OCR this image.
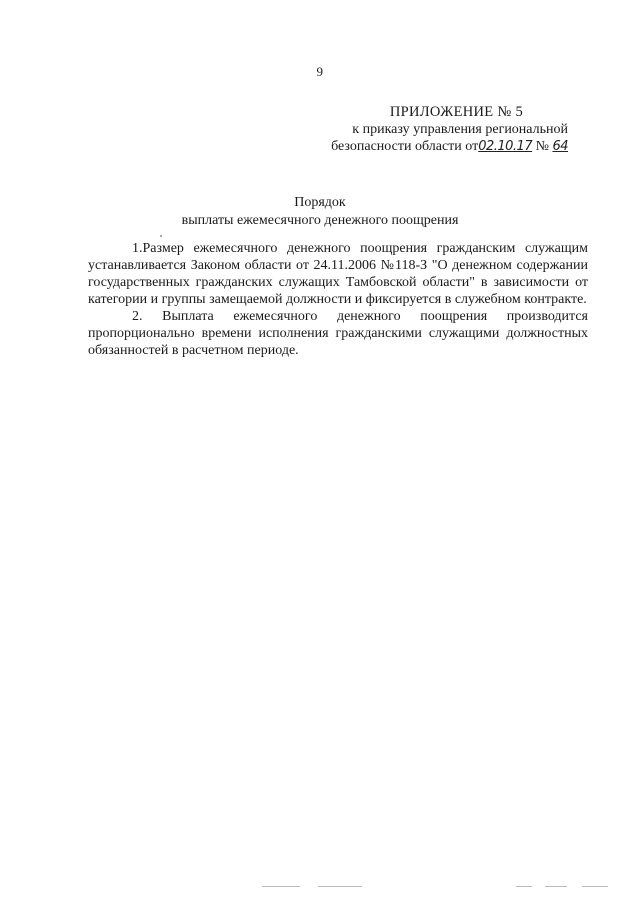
9
ПРИЛОЖЕНИЕ № 5
к приказу управления региональной
безопасности области от02.10.17 № 64
Порядок
выплаты ежемесячного денежного поощрения

1.Размер ежемесячного денежного поощрения гражданским служащим устанавливается Законом области от 24.11.2006 №118-З "О денежном содержании государственных гражданских служащих Тамбовской области" в зависимости от категории и группы замещаемой должности и фиксируется в служебном контракте.

2. Выплата ежемесячного денежного поощрения производится пропорционально времени исполнения гражданскими служащими должностных обязанностей в расчетном периоде.
